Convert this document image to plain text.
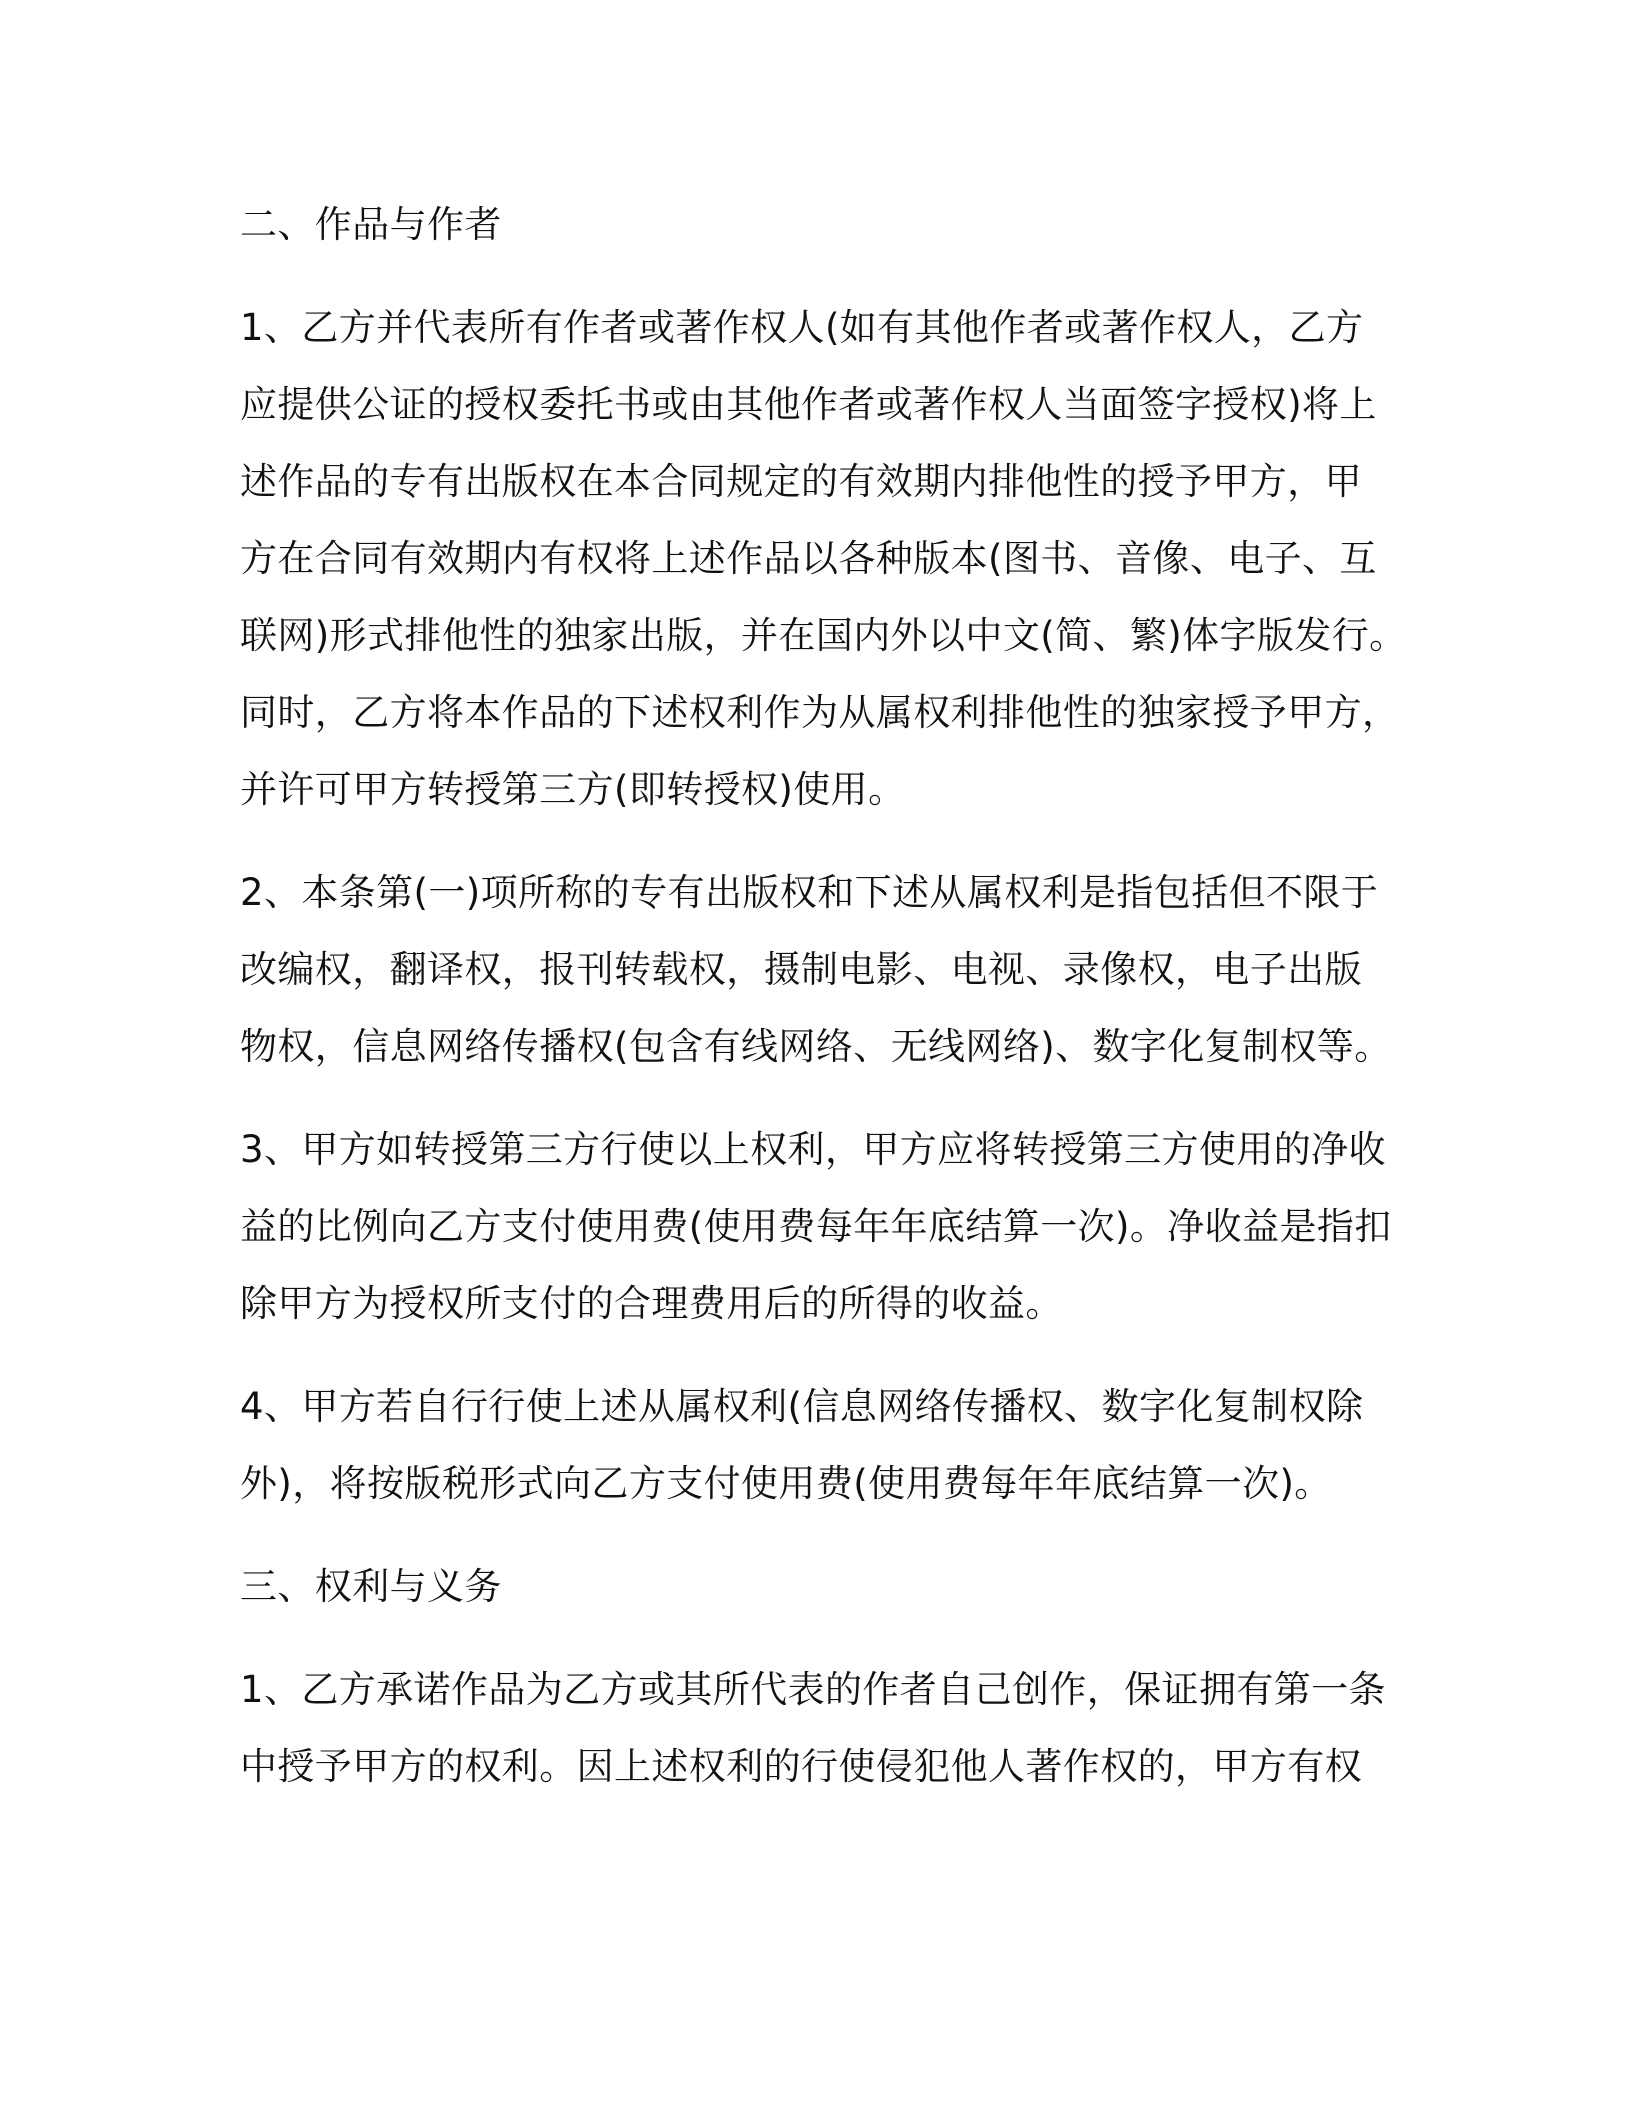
二、作品与作者

1、乙方并代表所有作者或著作权人(如有其他作者或著作权人，乙方
应提供公证的授权委托书或由其他作者或著作权人当面签字授权)将上
述作品的专有出版权在本合同规定的有效期内排他性的授予甲方，甲
方在合同有效期内有权将上述作品以各种版本(图书、音像、电子、互
联网)形式排他性的独家出版，并在国内外以中文(简、繁)体字版发行。
同时，乙方将本作品的下述权利作为从属权利排他性的独家授予甲方，
并许可甲方转授第三方(即转授权)使用。

2、本条第(一)项所称的专有出版权和下述从属权利是指包括但不限于
改编权，翻译权，报刊转载权，摄制电影、电视、录像权，电子出版
物权，信息网络传播权(包含有线网络、无线网络)、数字化复制权等。

3、甲方如转授第三方行使以上权利，甲方应将转授第三方使用的净收
益的比例向乙方支付使用费(使用费每年年底结算一次)。净收益是指扣
除甲方为授权所支付的合理费用后的所得的收益。

4、甲方若自行行使上述从属权利(信息网络传播权、数字化复制权除
外)，将按版税形式向乙方支付使用费(使用费每年年底结算一次)。

三、权利与义务

1、乙方承诺作品为乙方或其所代表的作者自己创作，保证拥有第一条
中授予甲方的权利。因上述权利的行使侵犯他人著作权的，甲方有权
